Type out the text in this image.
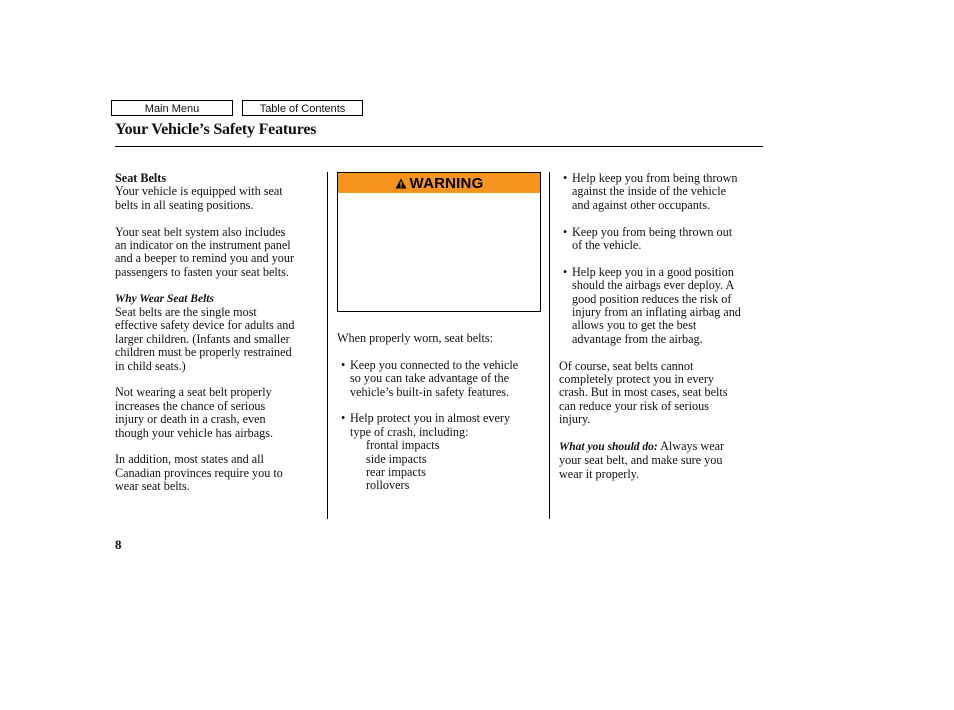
Main Menu	Table of Contents
Your Vehicle’s Safety Features

Seat Belts

Your vehicle is equipped with seat
belts in all seating positions.

Your seat belt system also includes
an indicator on the instrument panel
and a beeper to remind you and your
passengers to fasten your seat belts.

Why Wear Seat Belts

Seat belts are the single most
effective safety device for adults and
larger children. (Infants and smaller
children must be properly restrained
in child seats.)

Not wearing a seat belt properly
increases the chance of serious
injury or death in a crash, even
though your vehicle has airbags.

In addition, most states and all
Canadian provinces require you to
wear seat belts.

WARNING

When properly worn, seat belts:

• Keep you connected to the vehicle
so you can take advantage of the
vehicle’s built-in safety features.

• Help protect you in almost every
type of crash, including:

frontal impacts
side impacts
rear impacts
rollovers

• Help keep you from being thrown
against the inside of the vehicle
and against other occupants.

• Keep you from being thrown out
of the vehicle.

• Help keep you in a good position
should the airbags ever deploy. A
good position reduces the risk of
injury from an inflating airbag and
allows you to get the best
advantage from the airbag.

Of course, seat belts cannot
completely protect you in every
crash. But in most cases, seat belts
can reduce your risk of serious
injury.

What you should do: Always wear
your seat belt, and make sure you
wear it properly.

8
